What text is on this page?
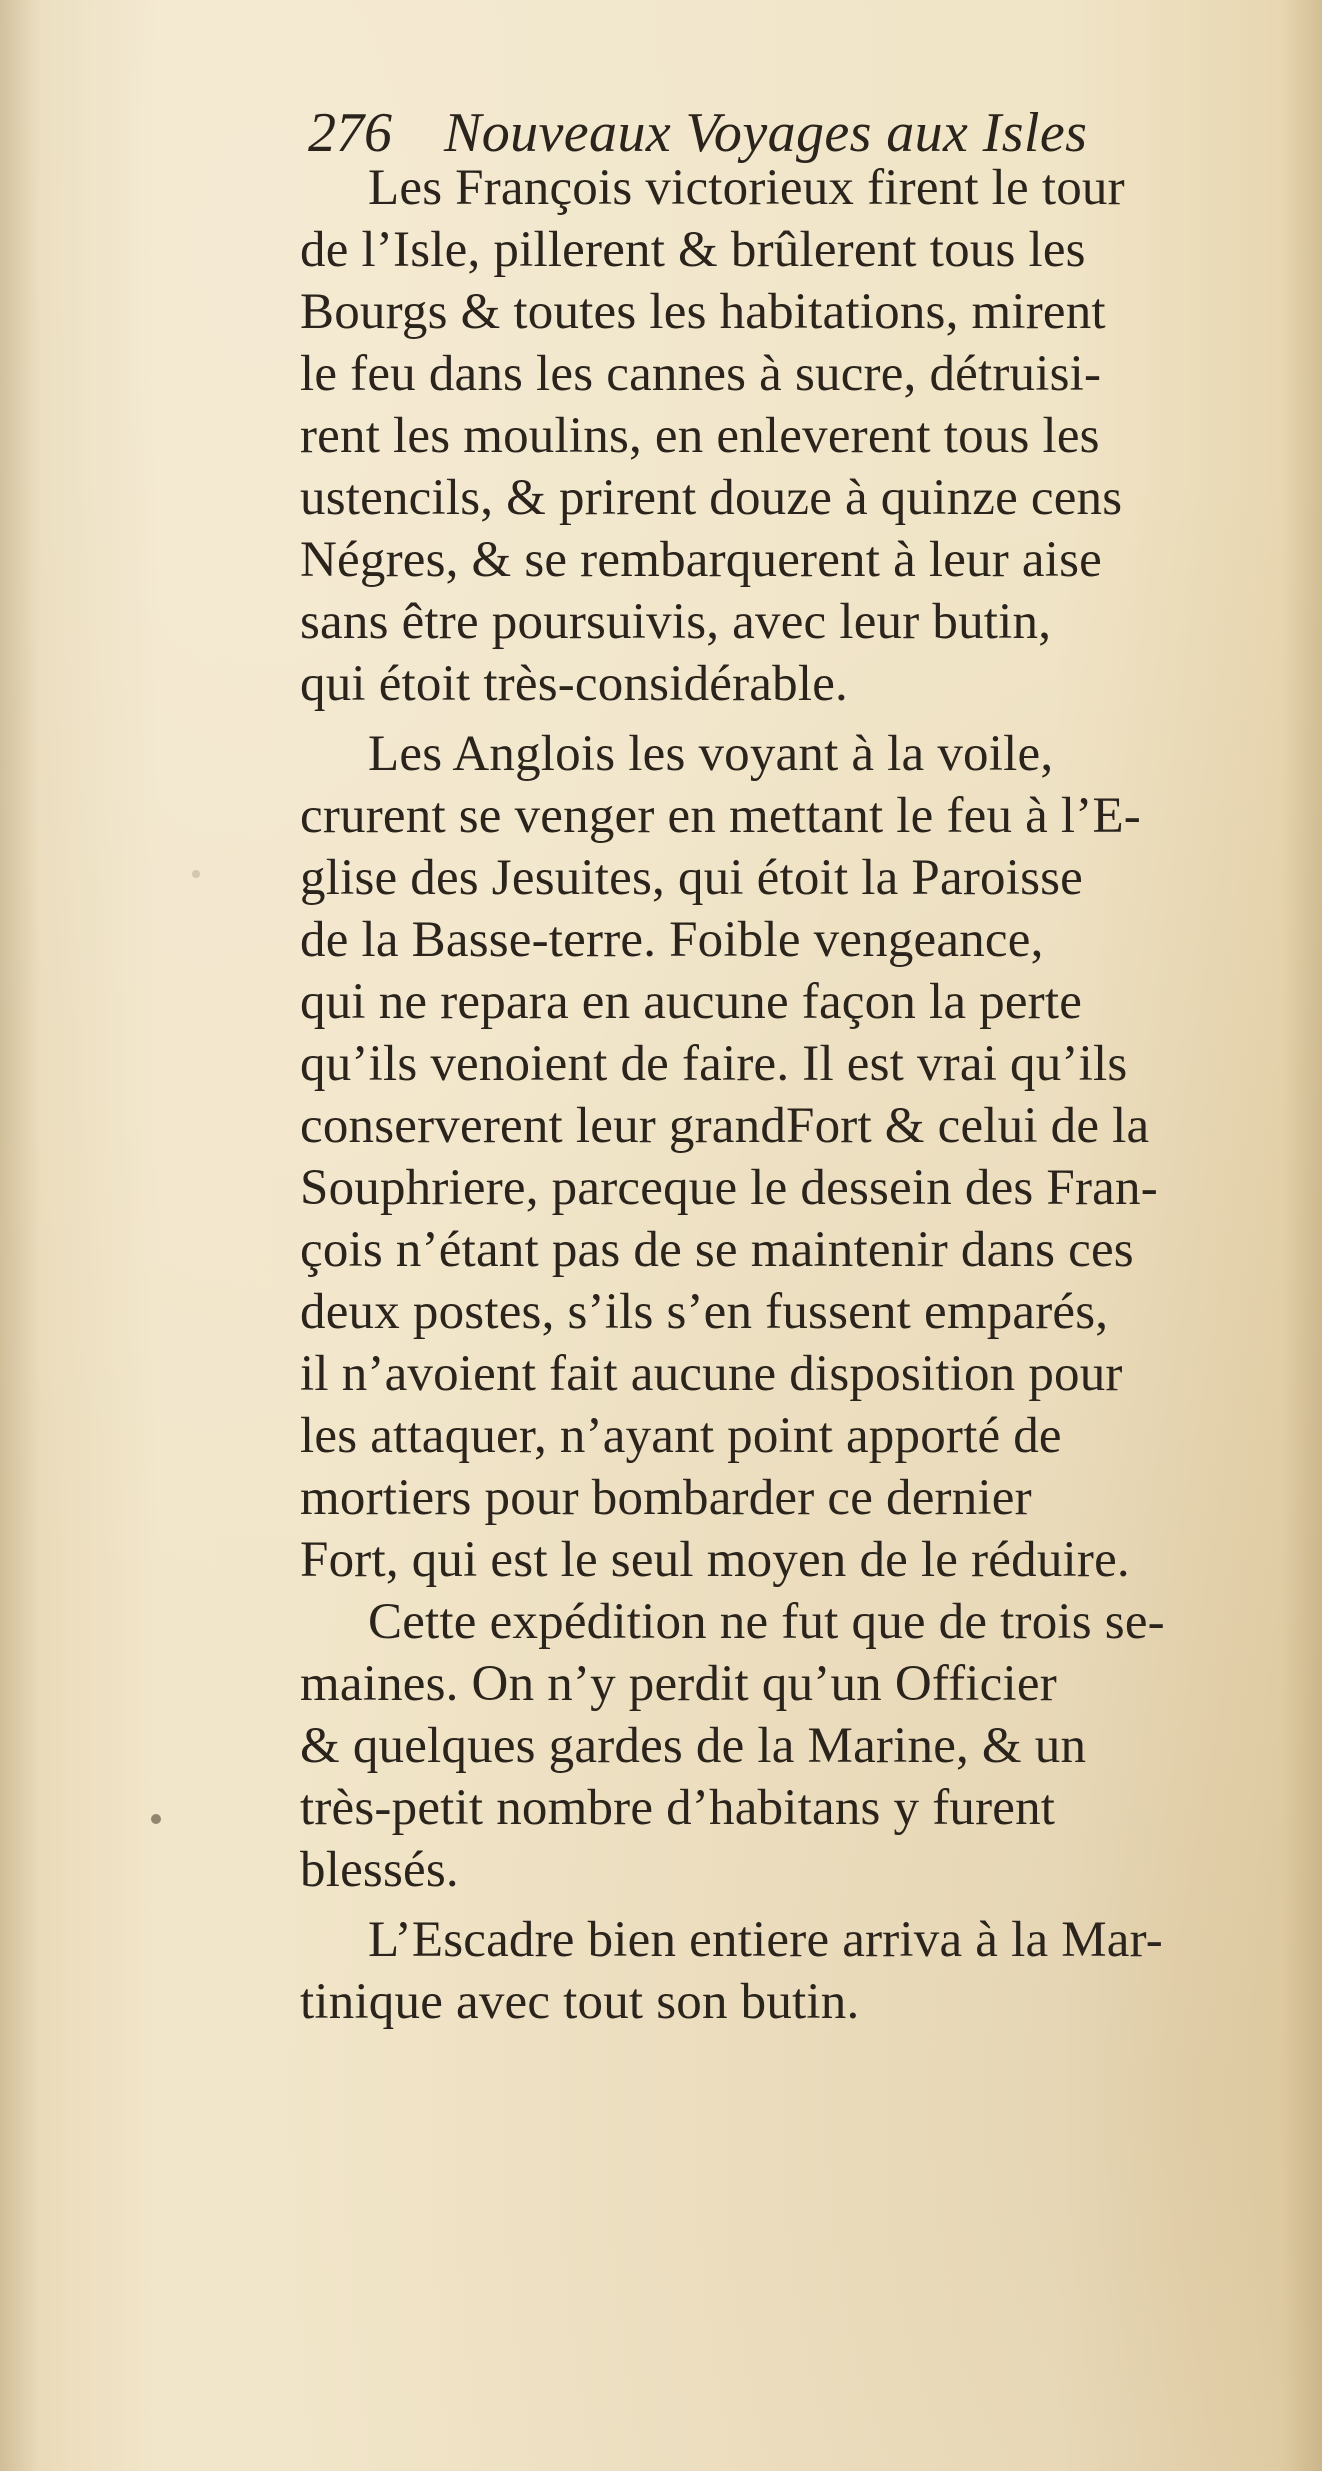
276 Nouveaux Voyages aux Isles
Les François victorieux firent le tour
de l’Isle, pillerent & brûlerent tous les
Bourgs & toutes les habitations, mirent
le feu dans les cannes à sucre, détruisi-
rent les moulins, en enleverent tous les
ustencils, & prirent douze à quinze cens
Négres, & se rembarquerent à leur aise
sans être poursuivis, avec leur butin,
qui étoit très-considérable.
Les Anglois les voyant à la voile,
crurent se venger en mettant le feu à l’E-
glise des Jesuites, qui étoit la Paroisse
de la Basse-terre. Foible vengeance,
qui ne repara en aucune façon la perte
qu’ils venoient de faire. Il est vrai qu’ils
conserverent leur grandFort & celui de la
Souphriere, parceque le dessein des Fran-
çois n’étant pas de se maintenir dans ces
deux postes, s’ils s’en fussent emparés,
il n’avoient fait aucune disposition pour
les attaquer, n’ayant point apporté de
mortiers pour bombarder ce dernier
Fort, qui est le seul moyen de le réduire.
Cette expédition ne fut que de trois se-
maines. On n’y perdit qu’un Officier
& quelques gardes de la Marine, & un
très-petit nombre d’habitans y furent
blessés.
L’Escadre bien entiere arriva à la Mar-
tinique avec tout son butin.
